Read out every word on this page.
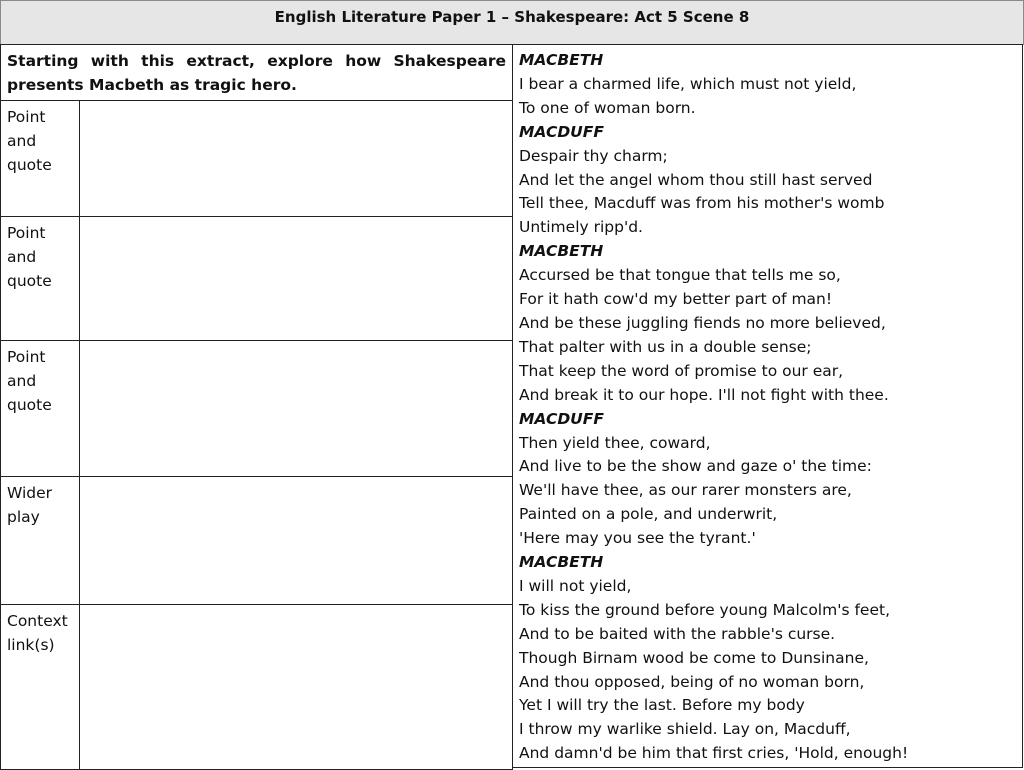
English Literature Paper 1 – Shakespeare: Act 5 Scene 8
Starting with this extract, explore how Shakespeare presents Macbeth as tragic hero.
Point and quote
Point and quote
Point and quote
Wider play
Context link(s)
MACBETH
I bear a charmed life, which must not yield,
To one of woman born.
MACDUFF
Despair thy charm;
And let the angel whom thou still hast served
Tell thee, Macduff was from his mother's womb
Untimely ripp'd.
MACBETH
Accursed be that tongue that tells me so,
For it hath cow'd my better part of man!
And be these juggling fiends no more believed,
That palter with us in a double sense;
That keep the word of promise to our ear,
And break it to our hope. I'll not fight with thee.
MACDUFF
Then yield thee, coward,
And live to be the show and gaze o' the time:
We'll have thee, as our rarer monsters are,
Painted on a pole, and underwrit,
'Here may you see the tyrant.'
MACBETH
I will not yield,
To kiss the ground before young Malcolm's feet,
And to be baited with the rabble's curse.
Though Birnam wood be come to Dunsinane,
And thou opposed, being of no woman born,
Yet I will try the last. Before my body
I throw my warlike shield. Lay on, Macduff,
And damn'd be him that first cries, 'Hold, enough!
